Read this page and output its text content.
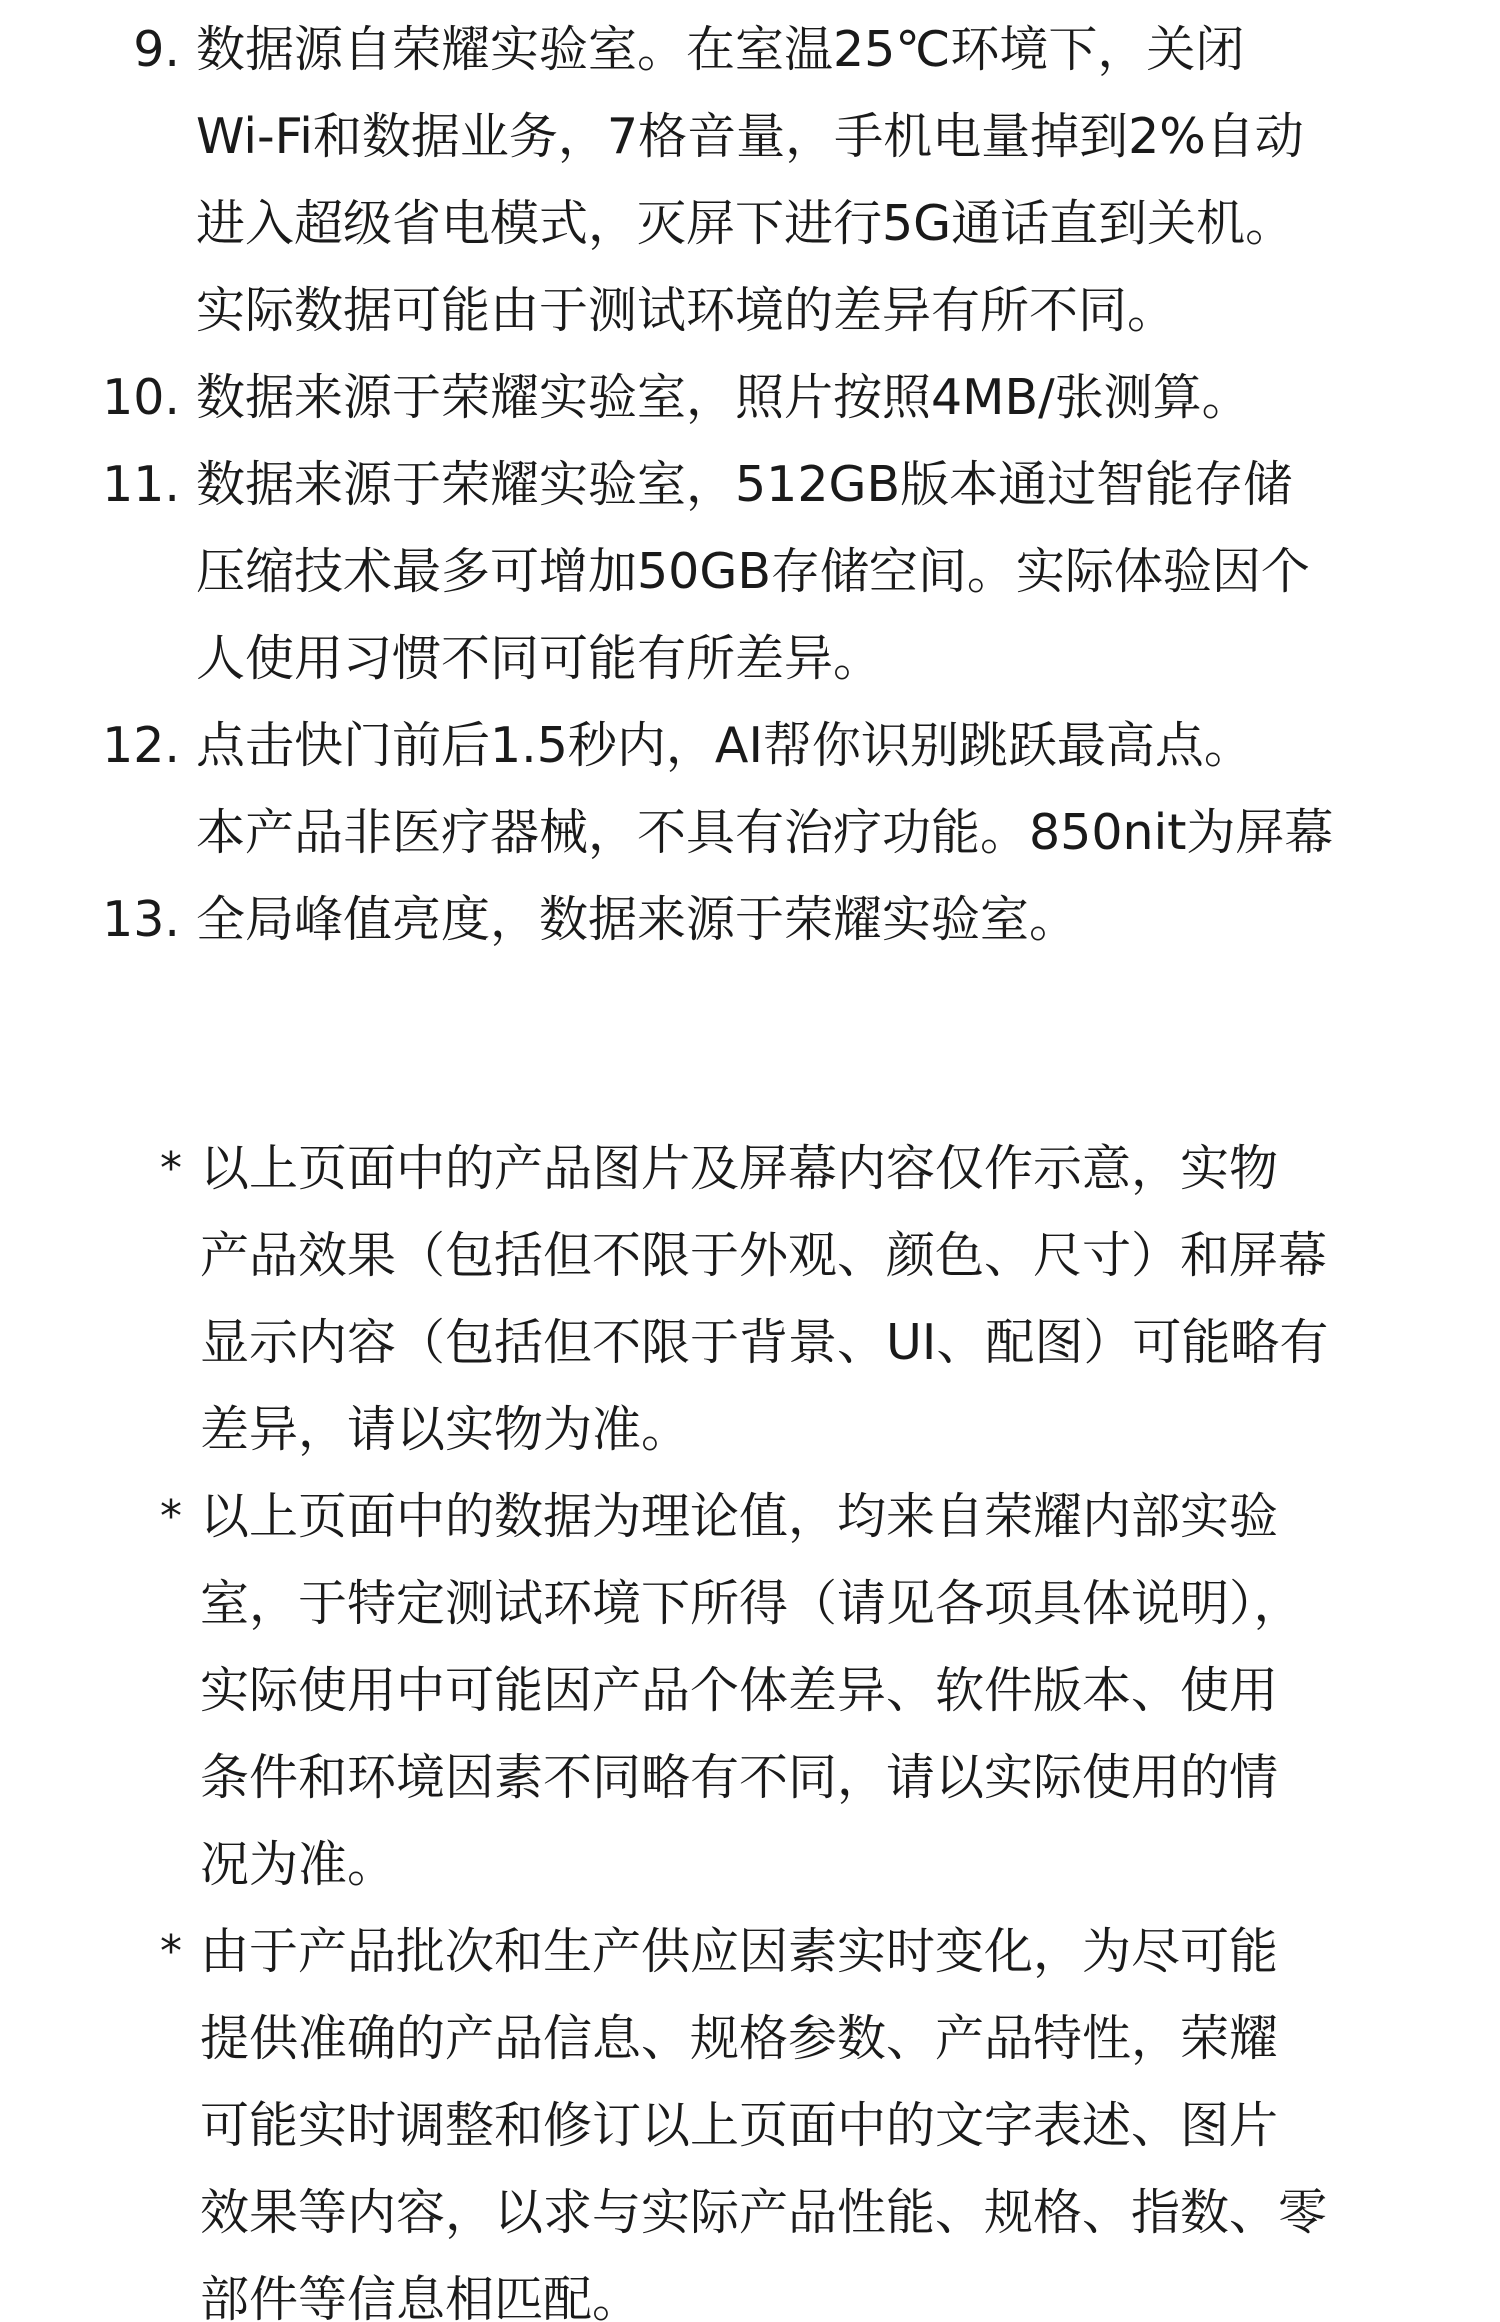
9. 数据源自荣耀实验室。在室温25℃环境下，关闭
Wi-Fi和数据业务，7格音量，手机电量掉到2%自动
进入超级省电模式，灭屏下进行5G通话直到关机。
实际数据可能由于测试环境的差异有所不同。
10. 数据来源于荣耀实验室，照片按照4MB/张测算。
11. 数据来源于荣耀实验室，512GB版本通过智能存储
压缩技术最多可增加50GB存储空间。实际体验因个
人使用习惯不同可能有所差异。
12. 点击快门前后1.5秒内，AI帮你识别跳跃最高点。
本产品非医疗器械，不具有治疗功能。850nit为屏幕
13. 全局峰值亮度，数据来源于荣耀实验室。
* 以上页面中的产品图片及屏幕内容仅作示意，实物
产品效果（包括但不限于外观、颜色、尺寸）和屏幕
显示内容（包括但不限于背景、UI、配图）可能略有
差异，请以实物为准。
* 以上页面中的数据为理论值，均来自荣耀内部实验
室，于特定测试环境下所得（请见各项具体说明），
实际使用中可能因产品个体差异、软件版本、使用
条件和环境因素不同略有不同，请以实际使用的情
况为准。
* 由于产品批次和生产供应因素实时变化，为尽可能
提供准确的产品信息、规格参数、产品特性，荣耀
可能实时调整和修订以上页面中的文字表述、图片
效果等内容，以求与实际产品性能、规格、指数、零
部件等信息相匹配。
